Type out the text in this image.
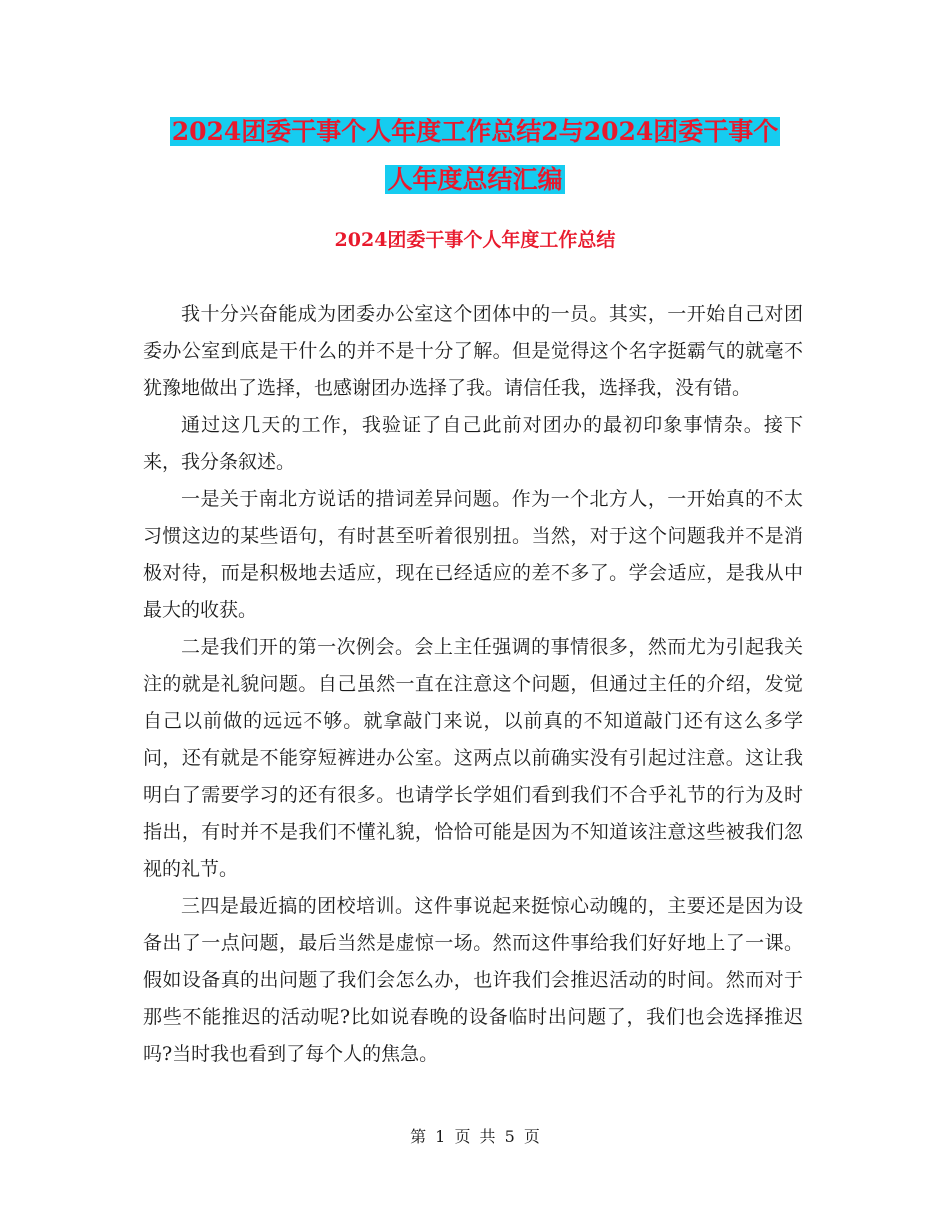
2024团委干事个人年度工作总结2与2024团委干事个
人年度总结汇编
2024团委干事个人年度工作总结

我十分兴奋能成为团委办公室这个团体中的一员。其实，一开始自己对团委办公室到底是干什么的并不是十分了解。但是觉得这个名字挺霸气的就毫不犹豫地做出了选择，也感谢团办选择了我。请信任我，选择我，没有错。

通过这几天的工作，我验证了自己此前对团办的最初印象事情杂。接下来，我分条叙述。

一是关于南北方说话的措词差异问题。作为一个北方人，一开始真的不太习惯这边的某些语句，有时甚至听着很别扭。当然，对于这个问题我并不是消极对待，而是积极地去适应，现在已经适应的差不多了。学会适应，是我从中最大的收获。

二是我们开的第一次例会。会上主任强调的事情很多，然而尤为引起我关注的就是礼貌问题。自己虽然一直在注意这个问题，但通过主任的介绍，发觉自己以前做的远远不够。就拿敲门来说，以前真的不知道敲门还有这么多学问，还有就是不能穿短裤进办公室。这两点以前确实没有引起过注意。这让我明白了需要学习的还有很多。也请学长学姐们看到我们不合乎礼节的行为及时指出，有时并不是我们不懂礼貌，恰恰可能是因为不知道该注意这些被我们忽视的礼节。

三四是最近搞的团校培训。这件事说起来挺惊心动魄的，主要还是因为设备出了一点问题，最后当然是虚惊一场。然而这件事给我们好好地上了一课。假如设备真的出问题了我们会怎么办，也许我们会推迟活动的时间。然而对于那些不能推迟的活动呢?比如说春晚的设备临时出问题了，我们也会选择推迟吗?当时我也看到了每个人的焦急。

第 1 页 共 5 页
